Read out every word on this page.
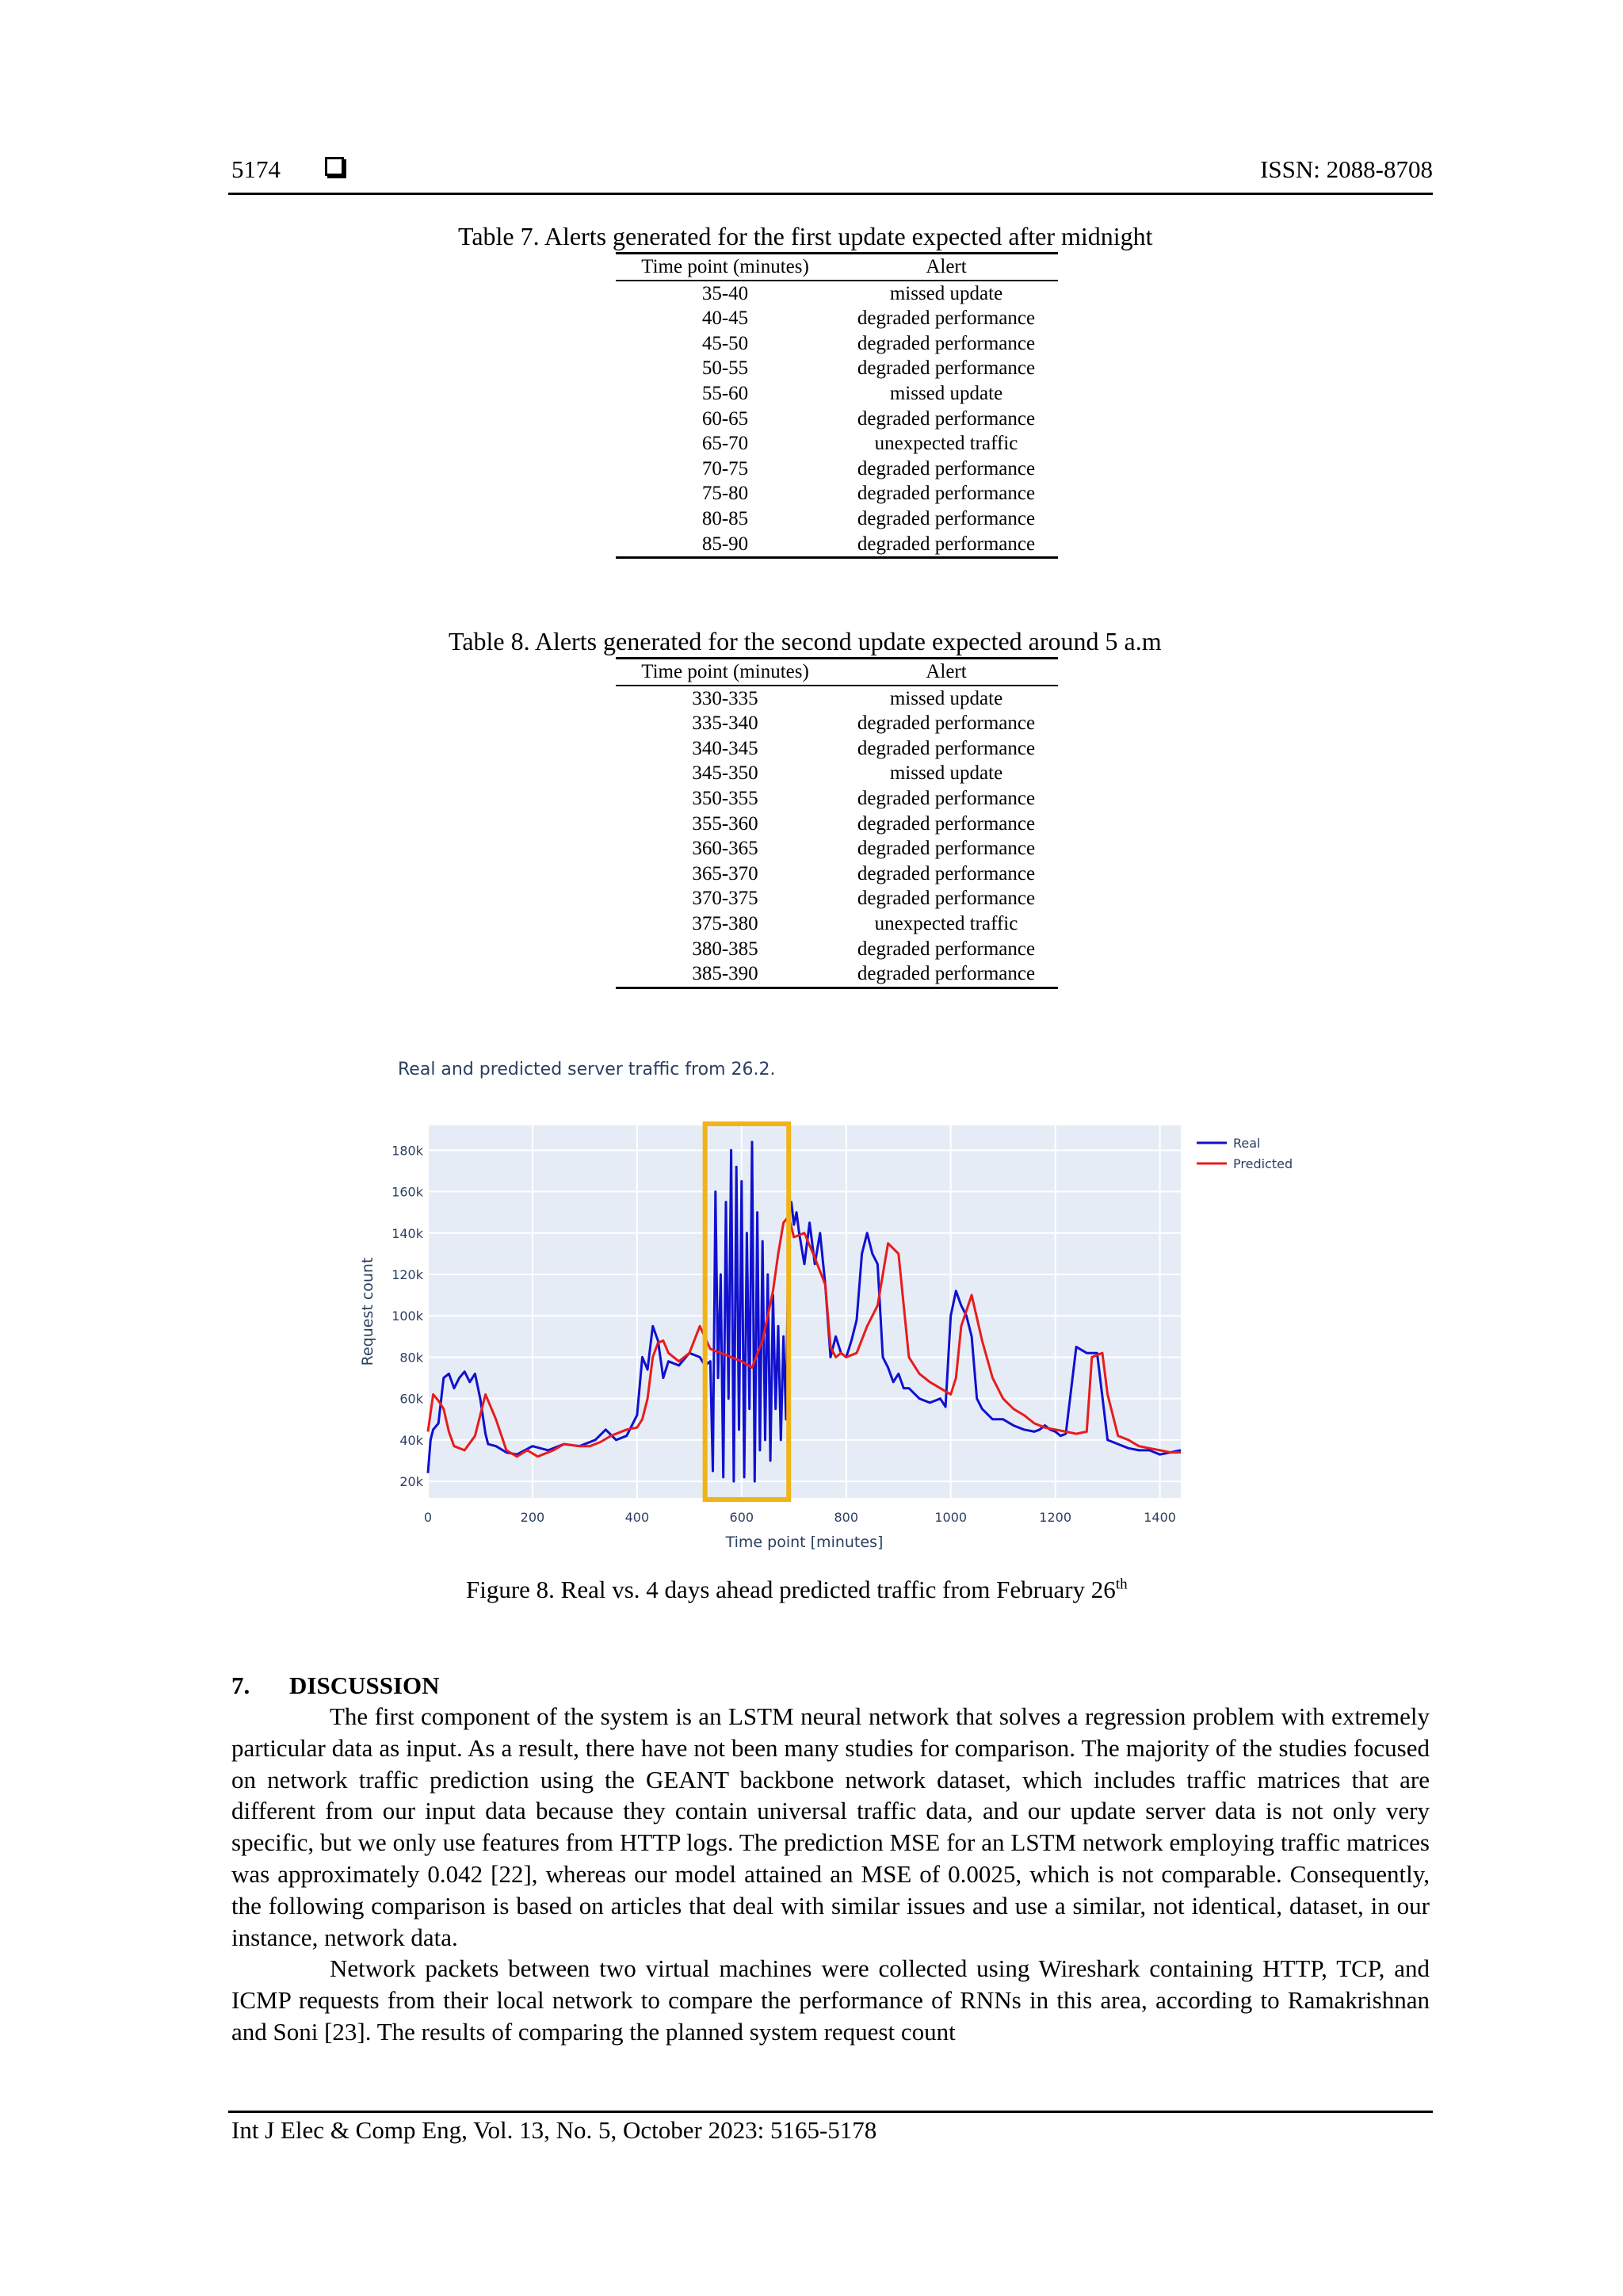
5174	ISSN: 2088-8708
Table 7. Alerts generated for the first update expected after midnight
Time point (minutes)	Alert
35-40	missed update
40-45	degraded performance
45-50	degraded performance
50-55	degraded performance
55-60	missed update
60-65	degraded performance
65-70	unexpected traffic
70-75	degraded performance
75-80	degraded performance
80-85	degraded performance
85-90	degraded performance
Table 8. Alerts generated for the second update expected around 5 a.m
Time point (minutes)	Alert
330-335	missed update
335-340	degraded performance
340-345	degraded performance
345-350	missed update
350-355	degraded performance
355-360	degraded performance
360-365	degraded performance
365-370	degraded performance
370-375	degraded performance
375-380	unexpected traffic
380-385	degraded performance
385-390	degraded performance
Real and predicted server traffic from 26.2.
20k
40k
60k
80k
100k
120k
140k
160k
180k
0	200	400	600	800	1000	1200	1400
Real
Predicted
Time point [minutes]
Request count
Figure 8. Real vs. 4 days ahead predicted traffic from February 26th
7. DISCUSSION

The first component of the system is an LSTM neural network that solves a regression problem with extremely particular data as input. As a result, there have not been many studies for comparison. The majority of the studies focused on network traffic prediction using the GEANT backbone network dataset, which includes traffic matrices that are different from our input data because they contain universal traffic data, and our update server data is not only very specific, but we only use features from HTTP logs. The prediction MSE for an LSTM network employing traffic matrices was approximately 0.042 [22], whereas our model attained an MSE of 0.0025, which is not comparable. Consequently, the following comparison is based on articles that deal with similar issues and use a similar, not identical, dataset, in our instance, network data.

Network packets between two virtual machines were collected using Wireshark containing HTTP, TCP, and ICMP requests from their local network to compare the performance of RNNs in this area, according to Ramakrishnan and Soni [23]. The results of comparing the planned system request count

Int J Elec & Comp Eng, Vol. 13, No. 5, October 2023: 5165-5178
